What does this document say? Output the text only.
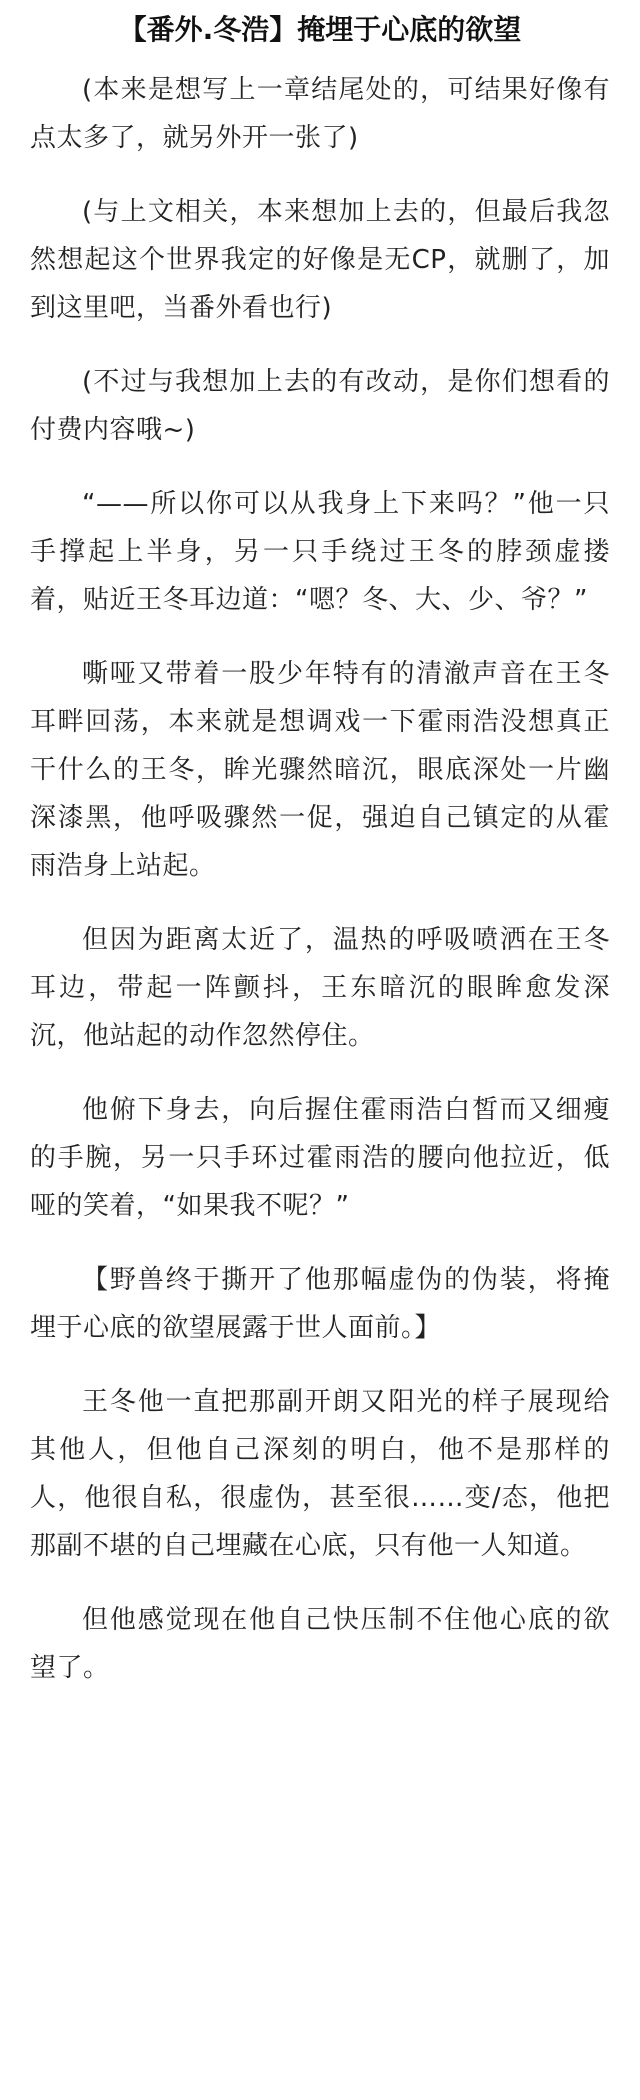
【番外.冬浩】掩埋于心底的欲望

(本来是想写上一章结尾处的，可结果好像有点太多了，就另外开一张了)

(与上文相关，本来想加上去的，但最后我忽然想起这个世界我定的好像是无CP，就删了，加到这里吧，当番外看也行)

(不过与我想加上去的有改动，是你们想看的付费内容哦~)

“——所以你可以从我身上下来吗？”他一只手撑起上半身，另一只手绕过王冬的脖颈虚搂着，贴近王冬耳边道：“嗯？冬、大、少、爷？”

嘶哑又带着一股少年特有的清澈声音在王冬耳畔回荡，本来就是想调戏一下霍雨浩没想真正干什么的王冬，眸光骤然暗沉，眼底深处一片幽深漆黑，他呼吸骤然一促，强迫自己镇定的从霍雨浩身上站起。

但因为距离太近了，温热的呼吸喷洒在王冬耳边，带起一阵颤抖，王东暗沉的眼眸愈发深沉，他站起的动作忽然停住。

他俯下身去，向后握住霍雨浩白皙而又细瘦的手腕，另一只手环过霍雨浩的腰向他拉近，低哑的笑着，“如果我不呢？”

【野兽终于撕开了他那幅虚伪的伪装，将掩埋于心底的欲望展露于世人面前。】

王冬他一直把那副开朗又阳光的样子展现给其他人，但他自己深刻的明白，他不是那样的人，他很自私，很虚伪，甚至很……变/态，他把那副不堪的自己埋藏在心底，只有他一人知道。

但他感觉现在他自己快压制不住他心底的欲望了。
